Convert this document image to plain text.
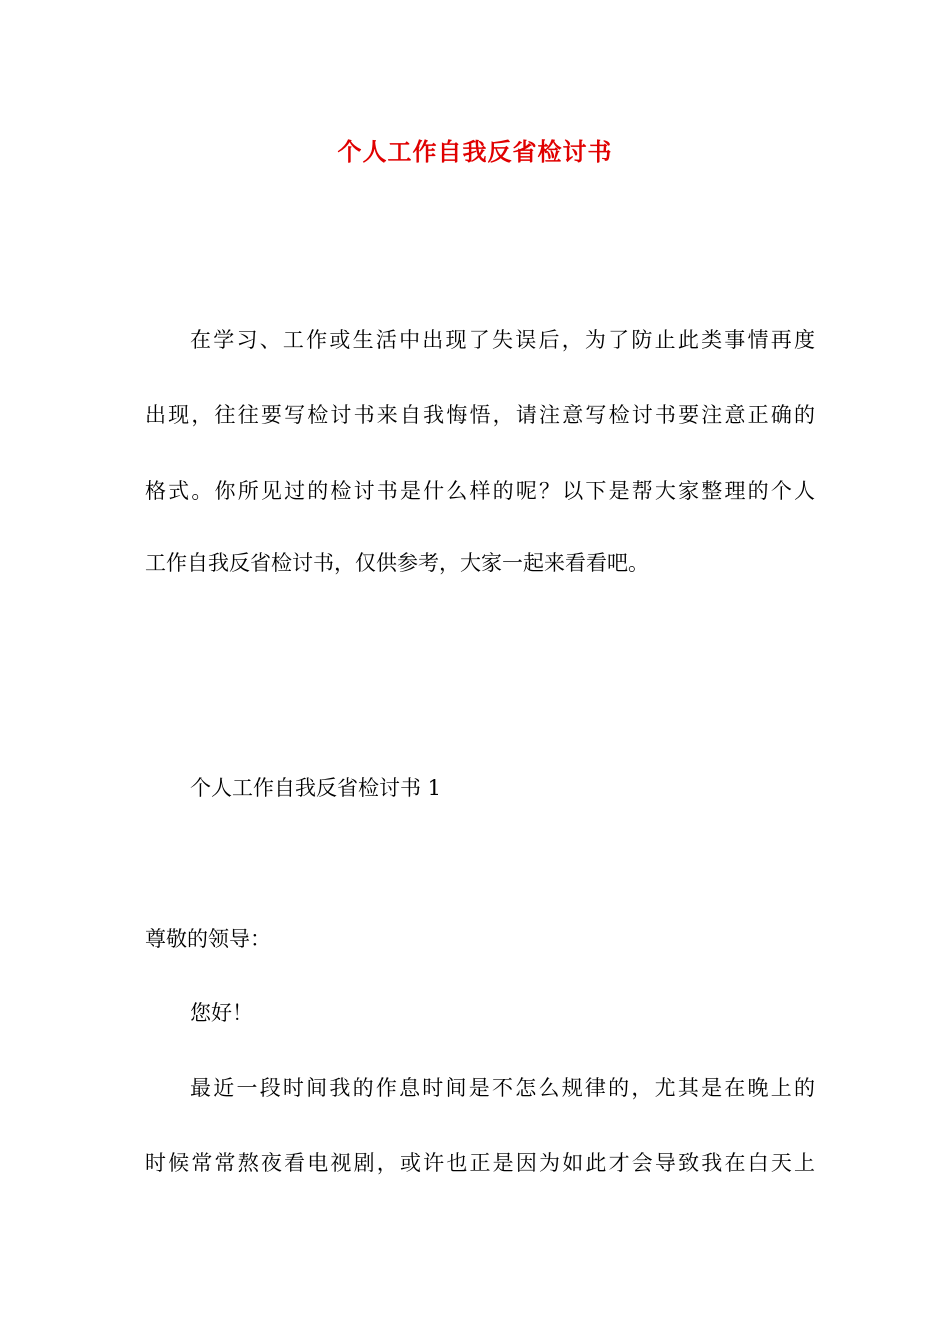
个人工作自我反省检讨书
在学习、工作或生活中出现了失误后，为了防止此类事情再度
出现，往往要写检讨书来自我悔悟，请注意写检讨书要注意正确的
格式。你所见过的检讨书是什么样的呢？以下是帮大家整理的个人
工作自我反省检讨书，仅供参考，大家一起来看看吧。
个人工作自我反省检讨书 1
尊敬的领导：
您好！
最近一段时间我的作息时间是不怎么规律的，尤其是在晚上的
时候常常熬夜看电视剧，或许也正是因为如此才会导致我在白天上
